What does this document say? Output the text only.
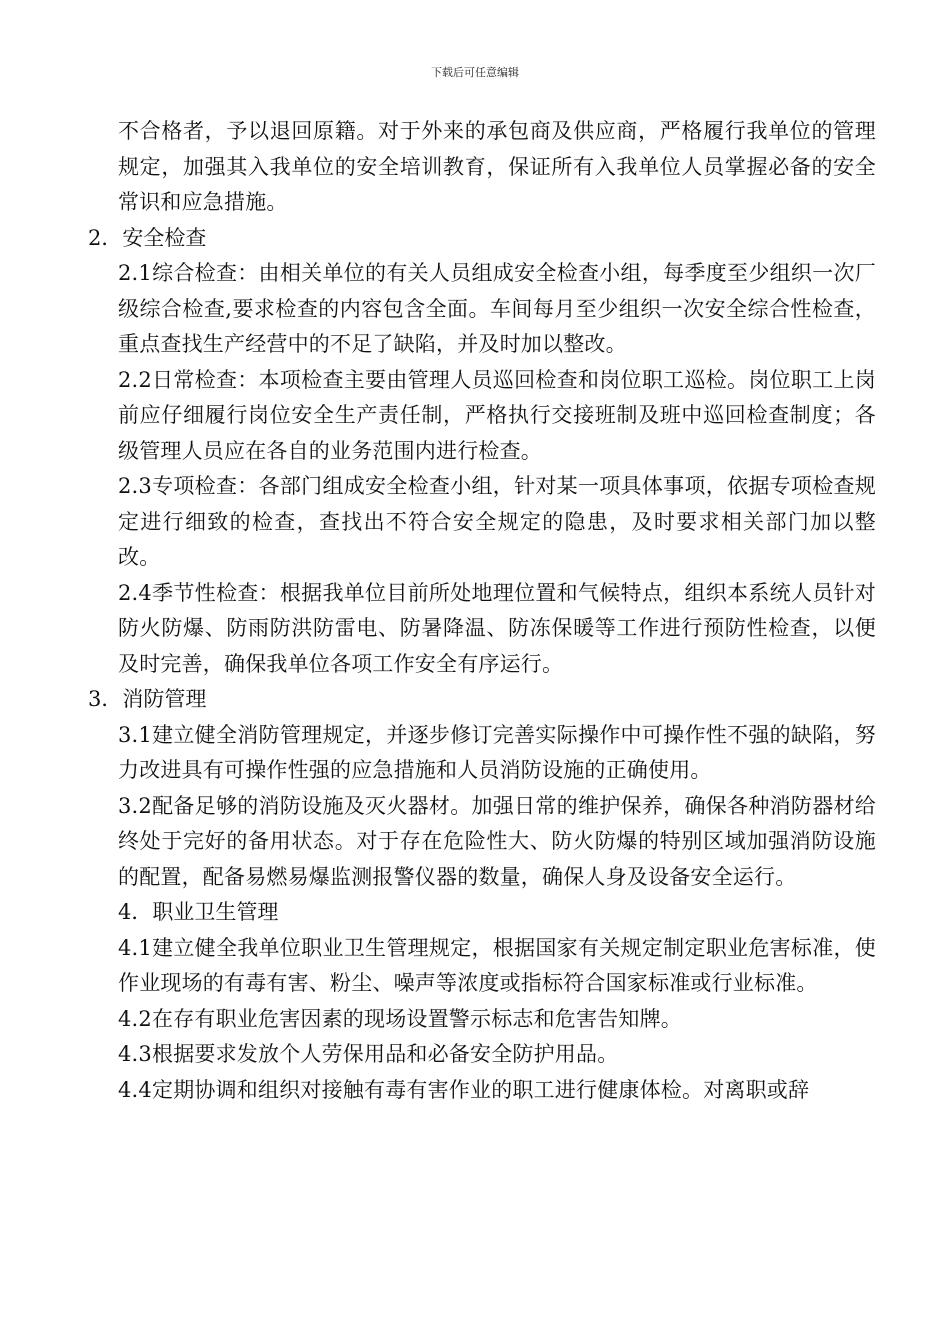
下载后可任意编辑

不合格者，予以退回原籍。对于外来的承包商及供应商，严格履行我单位的管理规定，加强其入我单位的安全培训教育，保证所有入我单位人员掌握必备的安全常识和应急措施。

2．安全检查

2.1综合检查：由相关单位的有关人员组成安全检查小组，每季度至少组织一次厂级综合检查,要求检查的内容包含全面。车间每月至少组织一次安全综合性检查，重点查找生产经营中的不足了缺陷，并及时加以整改。

2.2日常检查：本项检查主要由管理人员巡回检查和岗位职工巡检。岗位职工上岗前应仔细履行岗位安全生产责任制，严格执行交接班制及班中巡回检查制度；各级管理人员应在各自的业务范围内进行检查。

2.3专项检查：各部门组成安全检查小组，针对某一项具体事项，依据专项检查规定进行细致的检查，查找出不符合安全规定的隐患，及时要求相关部门加以整改。

2.4季节性检查：根据我单位目前所处地理位置和气候特点，组织本系统人员针对防火防爆、防雨防洪防雷电、防暑降温、防冻保暖等工作进行预防性检查，以便及时完善，确保我单位各项工作安全有序运行。

3．消防管理

3.1建立健全消防管理规定，并逐步修订完善实际操作中可操作性不强的缺陷，努力改进具有可操作性强的应急措施和人员消防设施的正确使用。

3.2配备足够的消防设施及灭火器材。加强日常的维护保养，确保各种消防器材给终处于完好的备用状态。对于存在危险性大、防火防爆的特别区域加强消防设施的配置，配备易燃易爆监测报警仪器的数量，确保人身及设备安全运行。

4．职业卫生管理

4.1建立健全我单位职业卫生管理规定，根据国家有关规定制定职业危害标准，使作业现场的有毒有害、粉尘、噪声等浓度或指标符合国家标准或行业标准。

4.2在存有职业危害因素的现场设置警示标志和危害告知牌。

4.3根据要求发放个人劳保用品和必备安全防护用品。

4.4定期协调和组织对接触有毒有害作业的职工进行健康体检。对离职或辞
